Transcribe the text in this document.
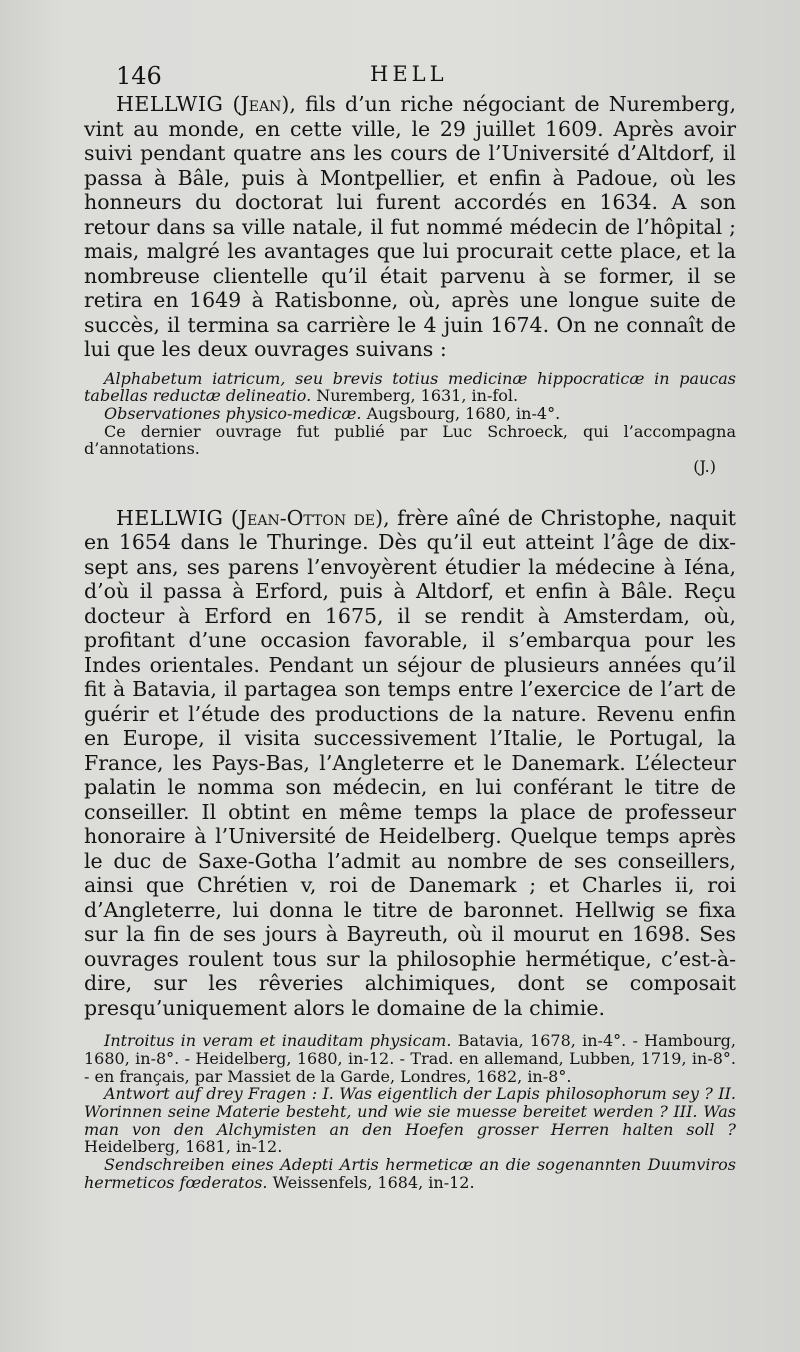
146	HELL

HELLWIG (Jean), fils d’un riche négociant de Nuremberg, vint au monde, en cette ville, le 29 juillet 1609. Après avoir suivi pendant quatre ans les cours de l’Université d’Altdorf, il passa à Bâle, puis à Montpellier, et enfin à Padoue, où les honneurs du doctorat lui furent accordés en 1634. A son retour dans sa ville natale, il fut nommé médecin de l’hôpital ; mais, malgré les avantages que lui procurait cette place, et la nombreuse clientelle qu’il était parvenu à se former, il se retira en 1649 à Ratisbonne, où, après une longue suite de succès, il termina sa carrière le 4 juin 1674. On ne connaît de lui que les deux ouvrages suivans :

Alphabetum iatricum, seu brevis totius medicinæ hippocraticæ in paucas tabellas reductæ delineatio. Nuremberg, 1631, in-fol.

Observationes physico-medicæ. Augsbourg, 1680, in-4°.

Ce dernier ouvrage fut publié par Luc Schroeck, qui l’accompagna d’annotations.

(J.)

HELLWIG (Jean-Otton de), frère aîné de Christophe, naquit en 1654 dans le Thuringe. Dès qu’il eut atteint l’âge de dix-sept ans, ses parens l’envoyèrent étudier la médecine à Iéna, d’où il passa à Erford, puis à Altdorf, et enfin à Bâle. Reçu docteur à Erford en 1675, il se rendit à Amsterdam, où, profitant d’une occasion favorable, il s’embarqua pour les Indes orientales. Pendant un séjour de plusieurs années qu’il fit à Batavia, il partagea son temps entre l’exercice de l’art de guérir et l’étude des productions de la nature. Revenu enfin en Europe, il visita successivement l’Italie, le Portugal, la France, les Pays-Bas, l’Angleterre et le Danemark. L’électeur palatin le nomma son médecin, en lui conférant le titre de conseiller. Il obtint en même temps la place de professeur honoraire à l’Université de Heidelberg. Quelque temps après le duc de Saxe-Gotha l’admit au nombre de ses conseillers, ainsi que Chrétien v, roi de Danemark ; et Charles ii, roi d’Angleterre, lui donna le titre de baronnet. Hellwig se fixa sur la fin de ses jours à Bayreuth, où il mourut en 1698. Ses ouvrages roulent tous sur la philosophie hermétique, c’est-à-dire, sur les rêveries alchimiques, dont se composait presqu’uniquement alors le domaine de la chimie.

Introitus in veram et inauditam physicam. Batavia, 1678, in-4°. - Hambourg, 1680, in-8°. - Heidelberg, 1680, in-12. - Trad. en allemand, Lubben, 1719, in-8°. - en français, par Massiet de la Garde, Londres, 1682, in-8°.

Antwort auf drey Fragen : I. Was eigentlich der Lapis philosophorum sey ? II. Worinnen seine Materie besteht, und wie sie muesse bereitet werden ? III. Was man von den Alchymisten an den Hoefen grosser Herren halten soll ? Heidelberg, 1681, in-12.

Sendschreiben eines Adepti Artis hermeticæ an die sogenannten Duumviros hermeticos fœderatos. Weissenfels, 1684, in-12.
